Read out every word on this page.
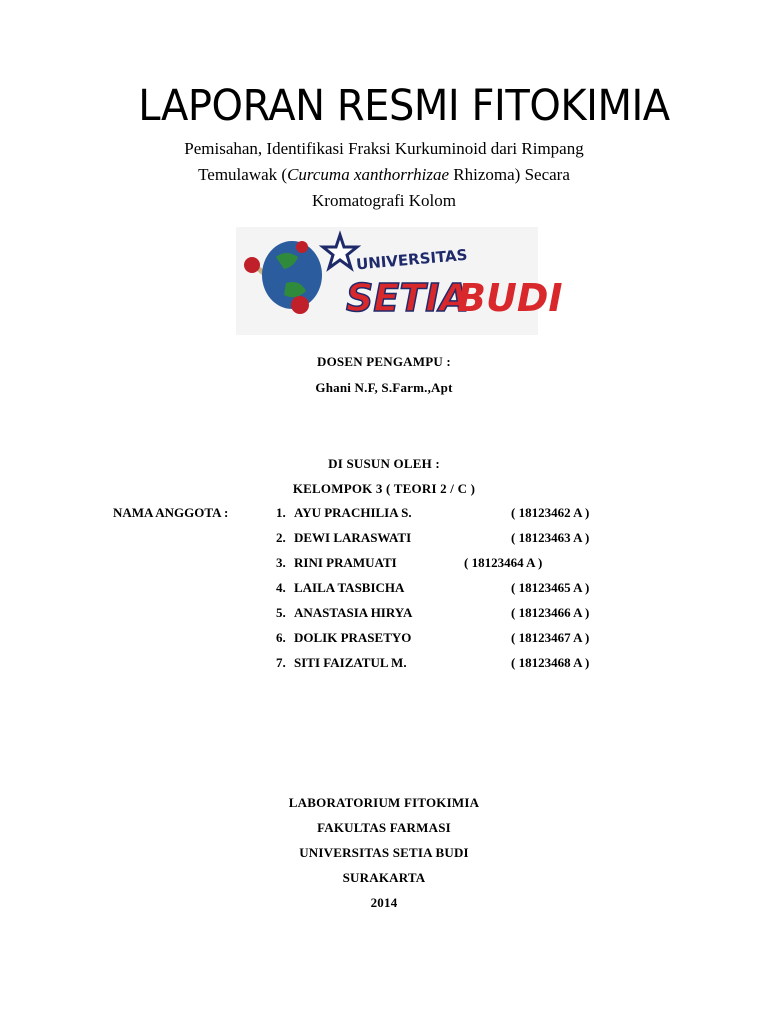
LAPORAN RESMI FITOKIMIA
Pemisahan, Identifikasi Fraksi Kurkuminoid dari Rimpang
Temulawak (Curcuma xanthorrhizae Rhizoma) Secara
Kromatografi Kolom
UNIVERSITAS
SETIA
BUDI
DOSEN PENGAMPU :
Ghani N.F, S.Farm.,Apt
DI SUSUN OLEH :
KELOMPOK 3 ( TEORI 2 / C )
NAMA ANGGOTA :	1. AYU PRACHILIA S.	( 18123462 A )
2. DEWI LARASWATI	( 18123463 A )
3. RINI PRAMUATI	( 18123464 A )
4. LAILA TASBICHA	( 18123465 A )
5. ANASTASIA HIRYA	( 18123466 A )
6. DOLIK PRASETYO	( 18123467 A )
7. SITI FAIZATUL M.	( 18123468 A )
LABORATORIUM FITOKIMIA
FAKULTAS FARMASI
UNIVERSITAS SETIA BUDI
SURAKARTA
2014
